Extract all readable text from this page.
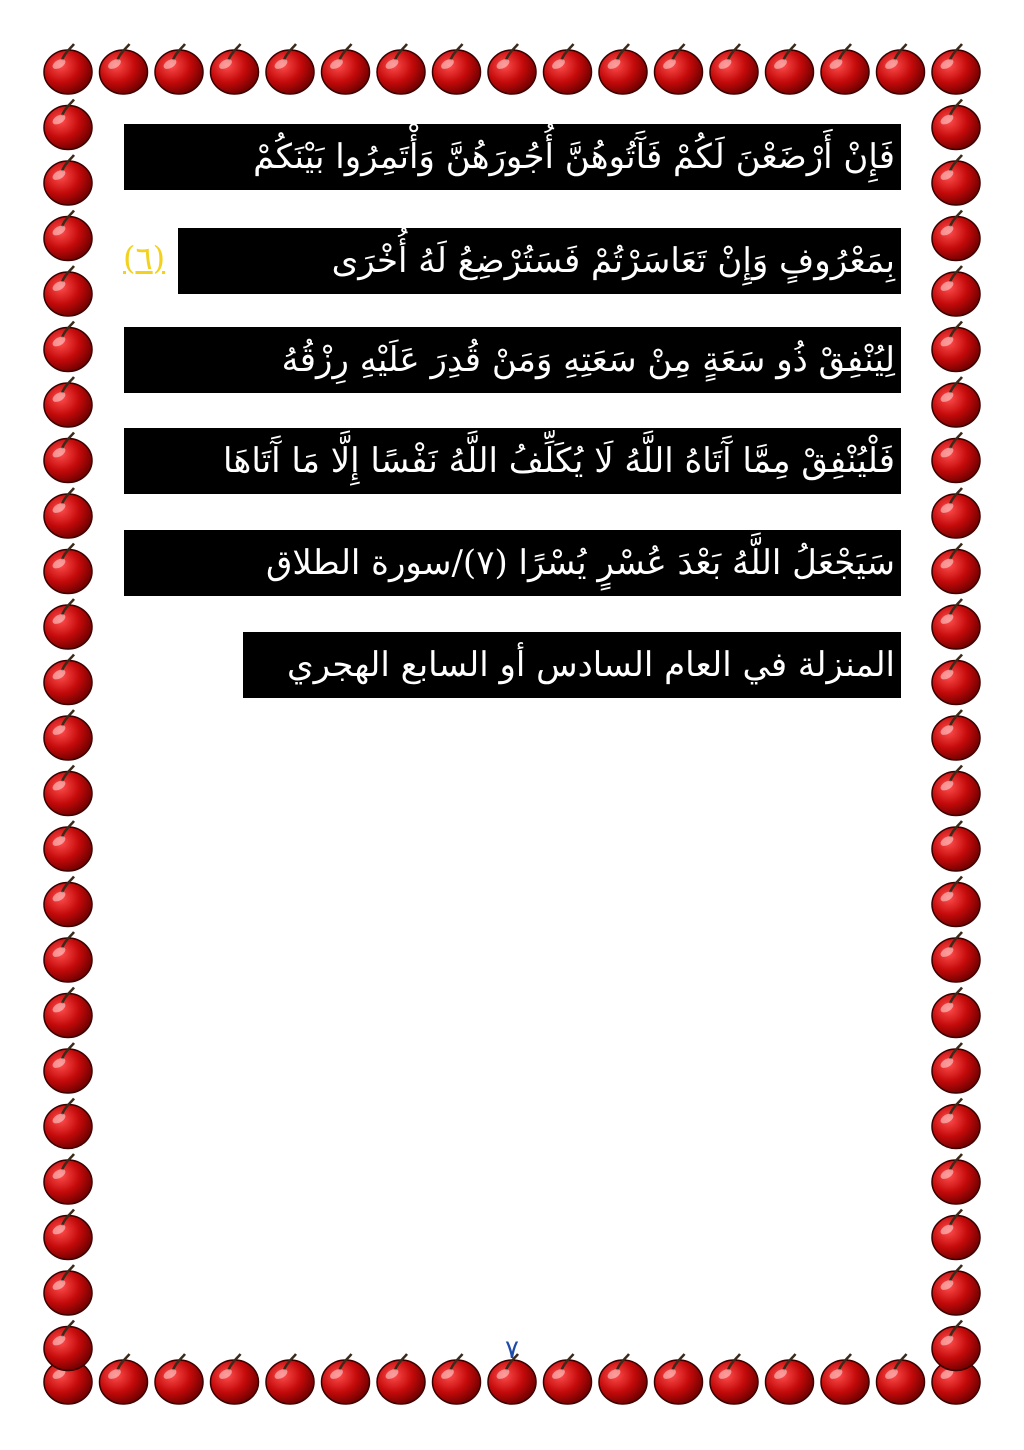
فَإِنْ أَرْضَعْنَ لَكُمْ فَآَتُوهُنَّ أُجُورَهُنَّ وَأْتَمِرُوا بَيْنَكُمْ
بِمَعْرُوفٍ وَإِنْ تَعَاسَرْتُمْ فَسَتُرْضِعُ لَهُ أُخْرَى
(٦)
لِيُنْفِقْ ذُو سَعَةٍ مِنْ سَعَتِهِ وَمَنْ قُدِرَ عَلَيْهِ رِزْقُهُ
فَلْيُنْفِقْ مِمَّا آَتَاهُ اللَّهُ لَا يُكَلِّفُ اللَّهُ نَفْسًا إِلَّا مَا آَتَاهَا
سَيَجْعَلُ اللَّهُ بَعْدَ عُسْرٍ يُسْرًا (٧)/سورة الطلاق
المنزلة في العام السادس أو السابع الهجري
٧
